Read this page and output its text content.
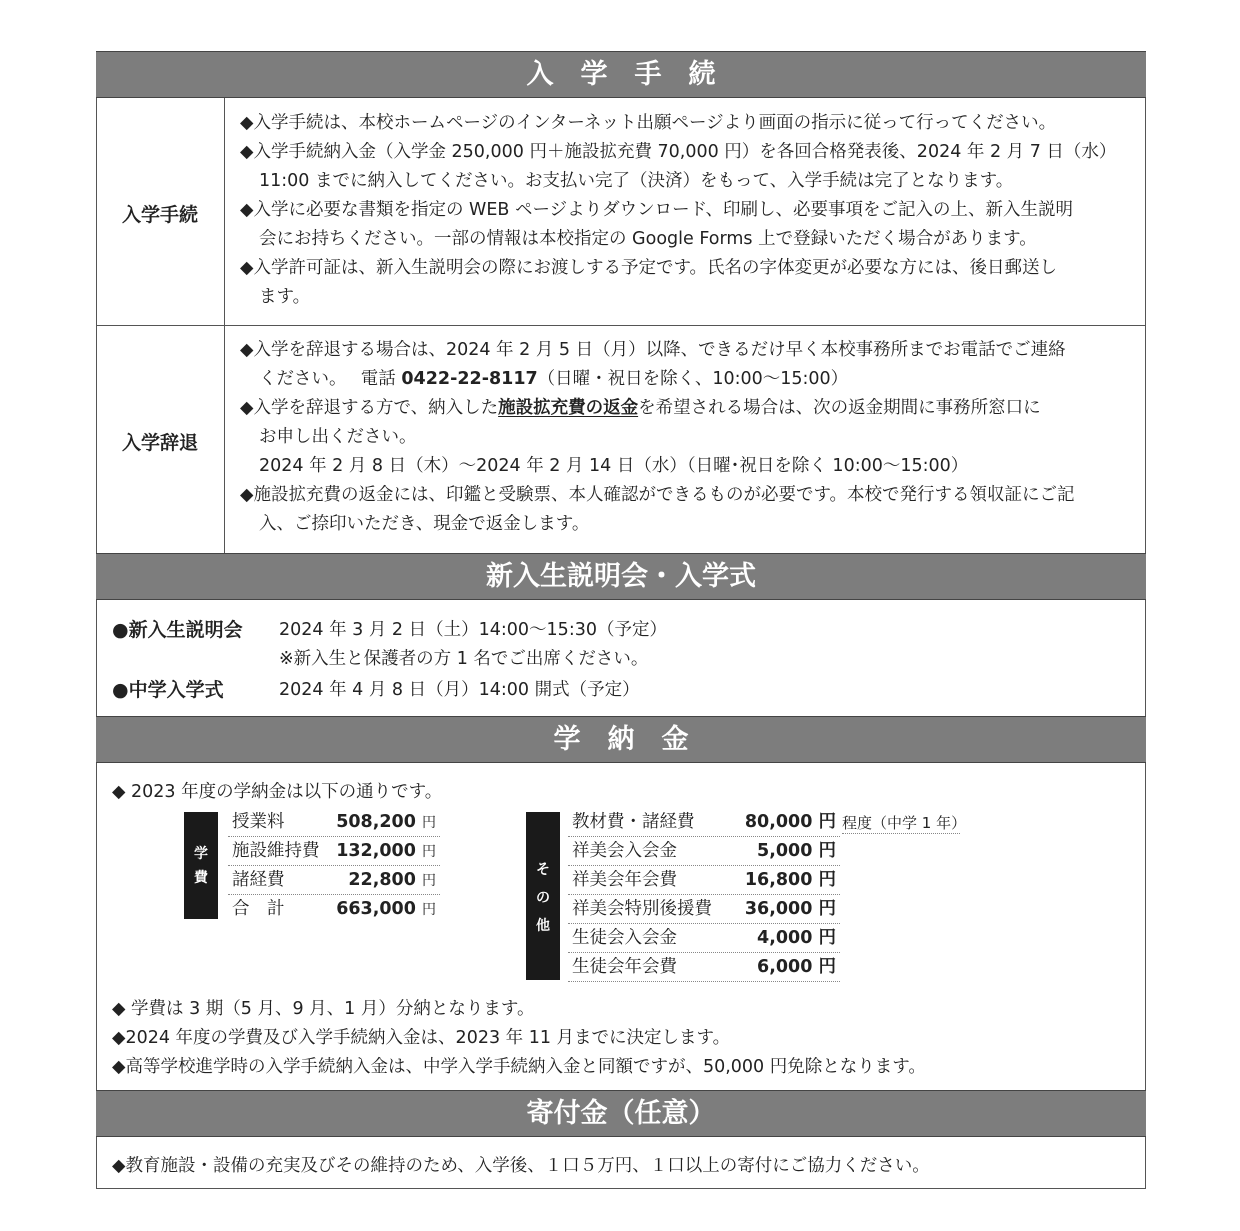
入　学　手　続
入学手続
◆入学手続は、本校ホームページのインターネット出願ページより画面の指示に従って行ってください。
◆入学手続納入金（入学金 250,000 円＋施設拡充費 70,000 円）を各回合格発表後、2024 年 2 月 7 日（水）
11:00 までに納入してください。お支払い完了（決済）をもって、入学手続は完了となります。
◆入学に必要な書類を指定の WEB ページよりダウンロード、印刷し、必要事項をご記入の上、新入生説明
会にお持ちください。一部の情報は本校指定の Google Forms 上で登録いただく場合があります。
◆入学許可証は、新入生説明会の際にお渡しする予定です。氏名の字体変更が必要な方には、後日郵送し
ます。
入学辞退
◆入学を辞退する場合は、2024 年 2 月 5 日（月）以降、できるだけ早く本校事務所までお電話でご連絡
ください。　 電話 0422-22-8117（日曜・祝日を除く、10:00〜15:00）
◆入学を辞退する方で、納入した施設拡充費の返金を希望される場合は、次の返金期間に事務所窓口に
お申し出ください。
2024 年 2 月 8 日（木）〜2024 年 2 月 14 日（水）（日曜･祝日を除く 10:00〜15:00）
◆施設拡充費の返金には、印鑑と受験票、本人確認ができるものが必要です。本校で発行する領収証にご記
入、ご捺印いただき、現金で返金します。
新入生説明会・入学式
●新入生説明会 2024 年 3 月 2 日（土）14:00〜15:30（予定）
※新入生と保護者の方 1 名でご出席ください。
●中学入学式	2024 年 4 月 8 日（月）14:00 開式（予定）
学　納　金
◆ 2023 年度の学納金は以下の通りです。
学
費
授業料	508,200 円
施設維持費 132,000 円
諸経費	22,800 円
合　計	663,000 円
そ
の
他
教材費・諸経費	80,000 円
祥美会入会金	5,000 円
祥美会年会費	16,800 円
祥美会特別後援費 36,000 円
生徒会入会金	4,000 円
生徒会年会費	6,000 円
程度（中学 1 年）
◆ 学費は 3 期（5 月、9 月、1 月）分納となります。
◆2024 年度の学費及び入学手続納入金は、2023 年 11 月までに決定します。
◆高等学校進学時の入学手続納入金は、中学入学手続納入金と同額ですが、50,000 円免除となります。
寄付金（任意）
◆教育施設・設備の充実及びその維持のため、入学後、１口５万円、１口以上の寄付にご協力ください。
